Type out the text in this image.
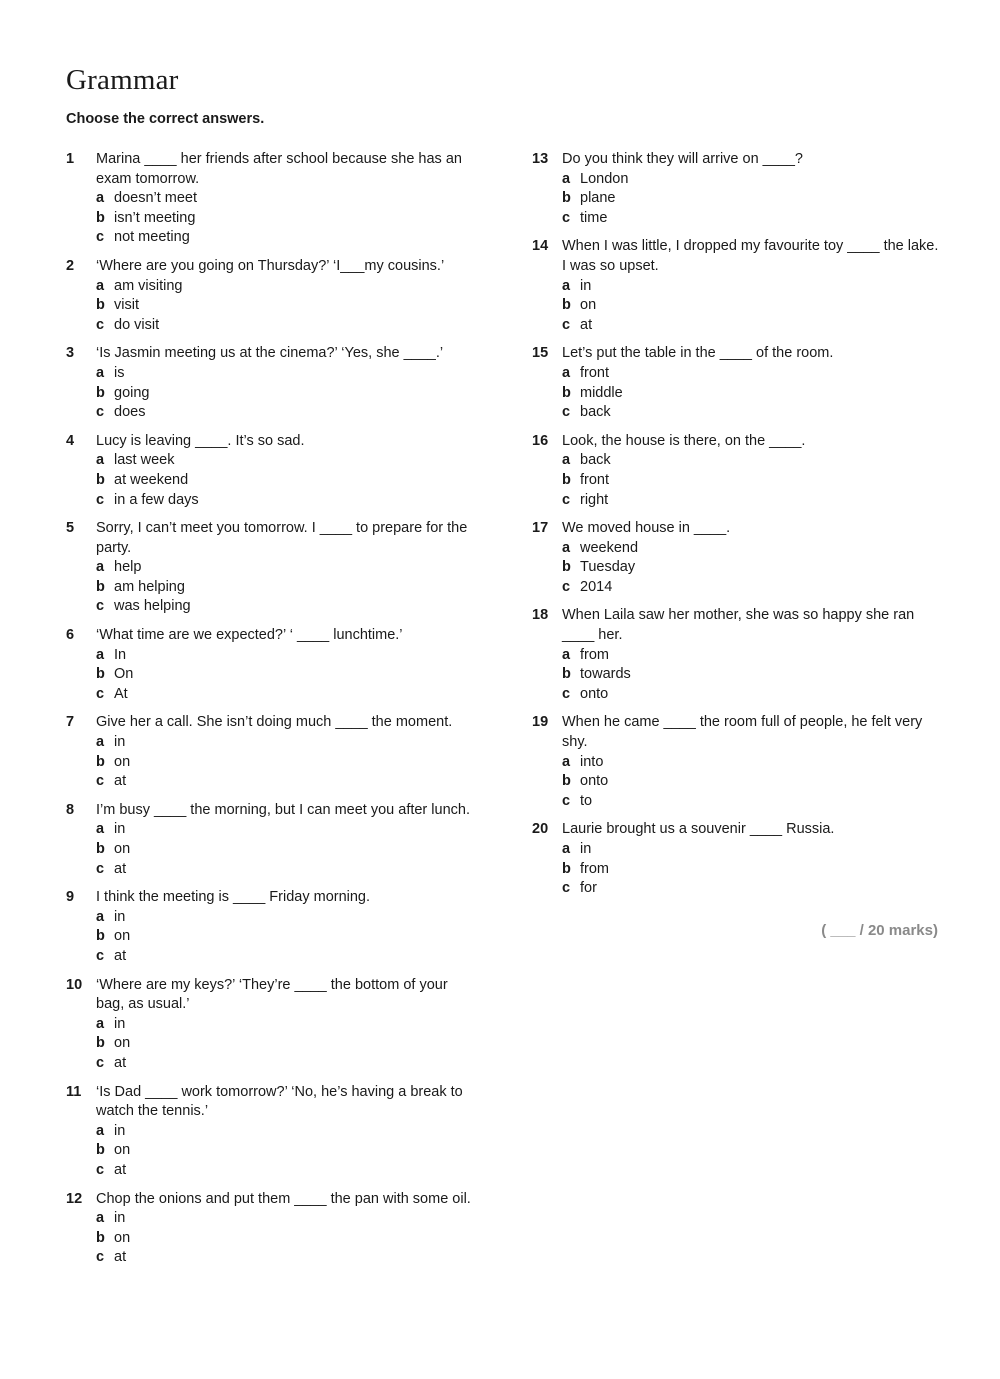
Grammar

Choose the correct answers.

1	Marina ____ her friends after school because she has an exam tomorrow.
a doesn’t meet
b isn’t meeting
c not meeting
2	‘Where are you going on Thursday?’ ‘I___my cousins.’
a am visiting
b visit
c do visit
3	‘Is Jasmin meeting us at the cinema?’ ‘Yes, she ____.’
a is
b going
c does
4	Lucy is leaving ____. It’s so sad.
a last week
b at weekend
c in a few days
5	Sorry, I can’t meet you tomorrow. I ____ to prepare for the party.
a help
b am helping
c was helping
6	‘What time are we expected?’ ‘ ____ lunchtime.’
a In
b On
c At
7	Give her a call. She isn’t doing much ____ the moment.
a in
b on
c at
8	I’m busy ____ the morning, but I can meet you after lunch.
a in
b on
c at
9	I think the meeting is ____ Friday morning.
a in
b on
c at
10 ‘Where are my keys?’ ‘They’re ____ the bottom of your bag, as usual.’
a in
b on
c at
11	‘Is Dad ____ work tomorrow?’ ‘No, he’s having a break to watch the tennis.’
a in
b on
c at
12 Chop the onions and put them ____ the pan with some oil.
a in
b on
c at
13 Do you think they will arrive on ____?
a London
b plane
c time
14 When I was little, I dropped my favourite toy ____ the lake. I was so upset.
a in
b on
c at
15 Let’s put the table in the ____ of the room.
a front
b middle
c back
16 Look, the house is there, on the ____.
a back
b front
c right
17 We moved house in ____.
a weekend
b Tuesday
c 2014
18 When Laila saw her mother, she was so happy she ran ____ her.
a from
b towards
c onto
19 When he came ____ the room full of people, he felt very shy.
a into
b onto
c to
20 Laurie brought us a souvenir ____ Russia.
a in
b from
c for
( ___ / 20 marks)
